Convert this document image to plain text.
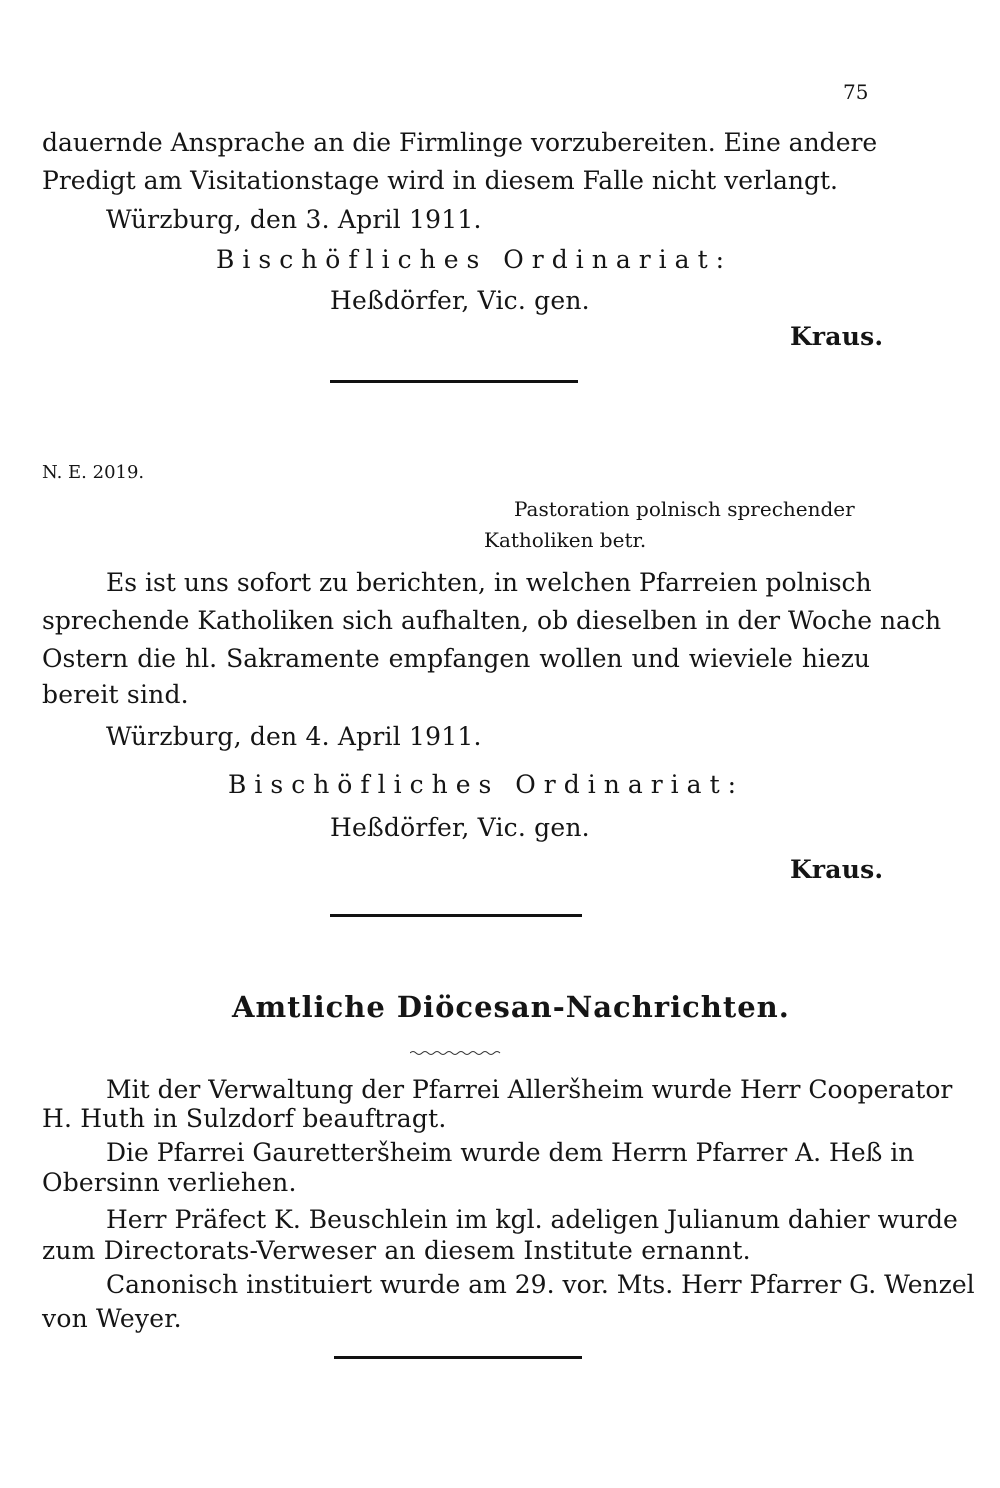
75
dauernde Ansprache an die Firmlinge vorzubereiten. Eine andere
Predigt am Visitationstage wird in diesem Falle nicht verlangt.
Würzburg, den 3. April 1911.
Bischöfliches Ordinariat:
Heßdörfer, Vic. gen.
Kraus.
N. E. 2019.
Pastoration polnisch sprechender
Katholiken betr.
Es ist uns sofort zu berichten, in welchen Pfarreien polnisch
sprechende Katholiken sich aufhalten, ob dieselben in der Woche nach
Ostern die hl. Sakramente empfangen wollen und wieviele hiezu
bereit sind.
Würzburg, den 4. April 1911.
Bischöfliches Ordinariat:
Heßdörfer, Vic. gen.
Kraus.
Amtliche Diöcesan-Nachrichten.
Mit der Verwaltung der Pfarrei Alleršheim wurde Herr Cooperator
H. Huth in Sulzdorf beauftragt.
Die Pfarrei Gauretteršheim wurde dem Herrn Pfarrer A. Heß in
Obersinn verliehen.
Herr Präfect K. Beuschlein im kgl. adeligen Julianum dahier wurde
zum Directorats-Verweser an diesem Institute ernannt.
Canonisch instituiert wurde am 29. vor. Mts. Herr Pfarrer G. Wenzel
von Weyer.
